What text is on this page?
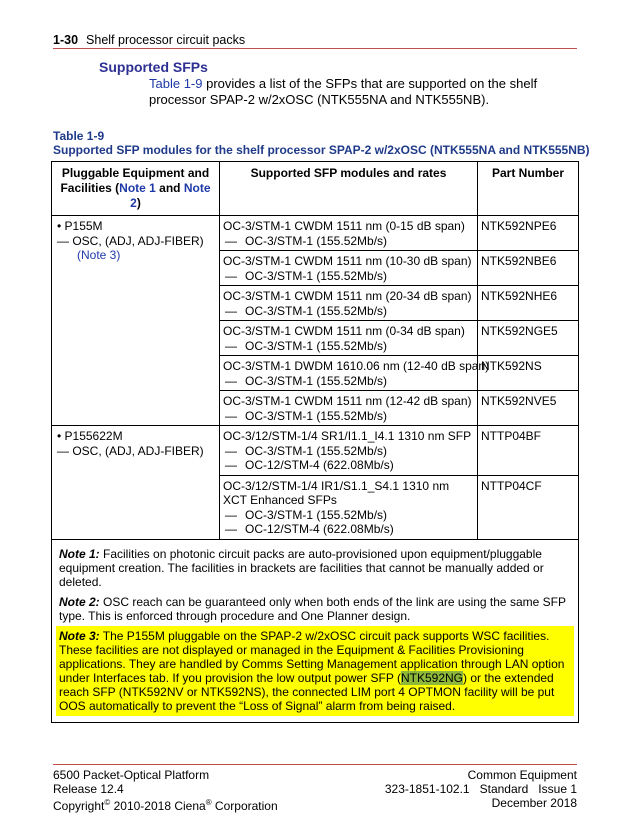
1-30 Shelf processor circuit packs
Supported SFPs
Table 1-9 provides a list of the SFPs that are supported on the shelf processor SPAP-2 w/2xOSC (NTK555NA and NTK555NB).
Table 1-9
Supported SFP modules for the shelf processor SPAP-2 w/2xOSC (NTK555NA and NTK555NB)
Pluggable Equipment and Facilities (Note 1 and Note 2)	Supported SFP modules and rates	Part Number

• P155M
— OSC, (ADJ, ADJ-FIBER)
(Note 3)	OC-3/STM-1 CWDM 1511 nm (0-15 dB span)
— OC-3/STM-1 (155.52Mb/s)	NTK592NPE6
	OC-3/STM-1 CWDM 1511 nm (10-30 dB span)
— OC-3/STM-1 (155.52Mb/s)	NTK592NBE6
	OC-3/STM-1 CWDM 1511 nm (20-34 dB span)
— OC-3/STM-1 (155.52Mb/s)	NTK592NHE6
	OC-3/STM-1 CWDM 1511 nm (0-34 dB span)
— OC-3/STM-1 (155.52Mb/s)	NTK592NGE5
	OC-3/STM-1 DWDM 1610.06 nm (12-40 dB span)
— OC-3/STM-1 (155.52Mb/s)	NTK592NS
	OC-3/STM-1 CWDM 1511 nm (12-42 dB span)
— OC-3/STM-1 (155.52Mb/s)	NTK592NVE5

• P155622M
— OSC, (ADJ, ADJ-FIBER)	OC-3/12/STM-1/4 SR1/I1.1_I4.1 1310 nm SFP
— OC-3/STM-1 (155.52Mb/s)
— OC-12/STM-4 (622.08Mb/s)	NTTP04BF
	OC-3/12/STM-1/4 IR1/S1.1_S4.1 1310 nm XCT Enhanced SFPs
— OC-3/STM-1 (155.52Mb/s)
— OC-12/STM-4 (622.08Mb/s)	NTTP04CF

Note 1: Facilities on photonic circuit packs are auto-provisioned upon equipment/pluggable equipment creation. The facilities in brackets are facilities that cannot be manually added or deleted.
Note 2: OSC reach can be guaranteed only when both ends of the link are using the same SFP type. This is enforced through procedure and One Planner design.
Note 3: The P155M pluggable on the SPAP-2 w/2xOSC circuit pack supports WSC facilities. These facilities are not displayed or managed in the Equipment & Facilities Provisioning applications. They are handled by Comms Setting Management application through LAN option under Interfaces tab. If you provision the low output power SFP (NTK592NG) or the extended reach SFP (NTK592NV or NTK592NS), the connected LIM port 4 OPTMON facility will be put OOS automatically to prevent the “Loss of Signal” alarm from being raised.		
6500 Packet-Optical Platform
Release 12.4
Copyright© 2010-2018 Ciena® Corporation
Common Equipment
323-1851-102.1   Standard   Issue 1
December 2018
